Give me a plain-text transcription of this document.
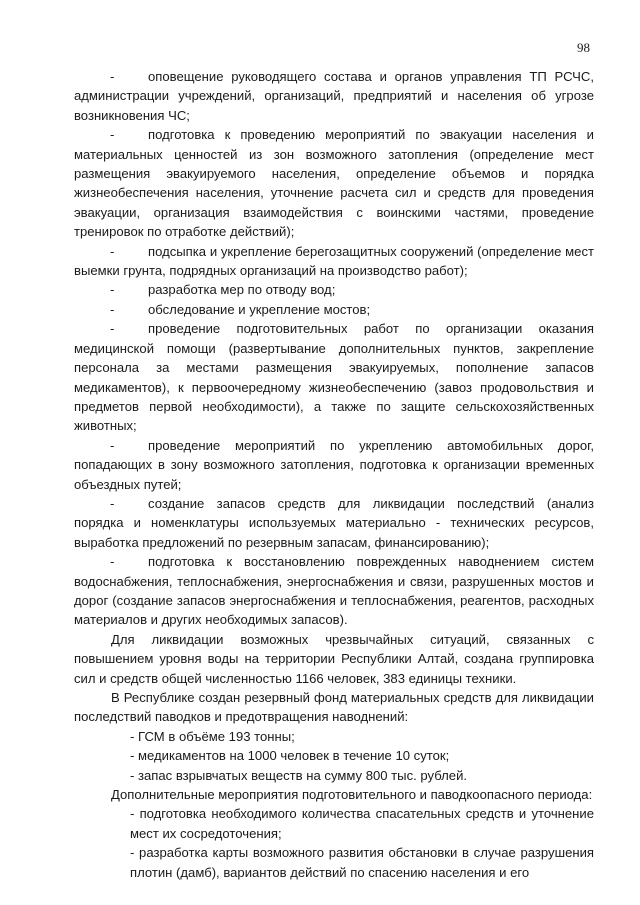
98

-	оповещение руководящего состава и органов управления ТП РСЧС, администрации учреждений, организаций, предприятий и населения об угрозе возникновения ЧС;

-	подготовка к проведению мероприятий по эвакуации населения и материальных ценностей из зон возможного затопления (определение мест размещения эвакуируемого населения, определение объемов и порядка жизнеобеспечения населения, уточнение расчета сил и средств для проведения эвакуации, организация взаимодействия с воинскими частями, проведение тренировок по отработке действий);

-	подсыпка и укрепление берегозащитных сооружений (определение мест выемки грунта, подрядных организаций на производство работ);

-	разработка мер по отводу вод;

-	обследование и укрепление мостов;

-	проведение подготовительных работ по организации оказания медицинской помощи (развертывание дополнительных пунктов, закрепление персонала за местами размещения эвакуируемых, пополнение запасов медикаментов), к первоочередному жизнеобеспечению (завоз продовольствия и предметов первой необходимости), а также по защите сельскохозяйственных животных;

-	проведение мероприятий по укреплению автомобильных дорог, попадающих в зону возможного затопления, подготовка к организации временных объездных путей;

-	создание запасов средств для ликвидации последствий (анализ порядка и номенклатуры используемых материально - технических ресурсов, выработка предложений по резервным запасам, финансированию);

-	подготовка к восстановлению поврежденных наводнением систем водоснабжения, теплоснабжения, энергоснабжения и связи, разрушенных мостов и дорог (создание запасов энергоснабжения и теплоснабжения, реагентов, расходных материалов и других необходимых запасов).

Для ликвидации возможных чрезвычайных ситуаций, связанных с повышением уровня воды на территории Республики Алтай, создана группировка сил и средств общей численностью 1166 человек, 383 единицы техники.

В Республике создан резервный фонд материальных средств для ликвидации последствий паводков и предотвращения наводнений:

- ГСМ в объёме 193 тонны;

- медикаментов на 1000 человек в течение 10 суток;

- запас взрывчатых веществ на сумму 800 тыс. рублей.

Дополнительные мероприятия подготовительного и паводкоопасного периода:

- подготовка необходимого количества спасательных средств и уточнение мест их сосредоточения;

- разработка карты возможного развития обстановки в случае разрушения плотин (дамб), вариантов действий по спасению населения и его
